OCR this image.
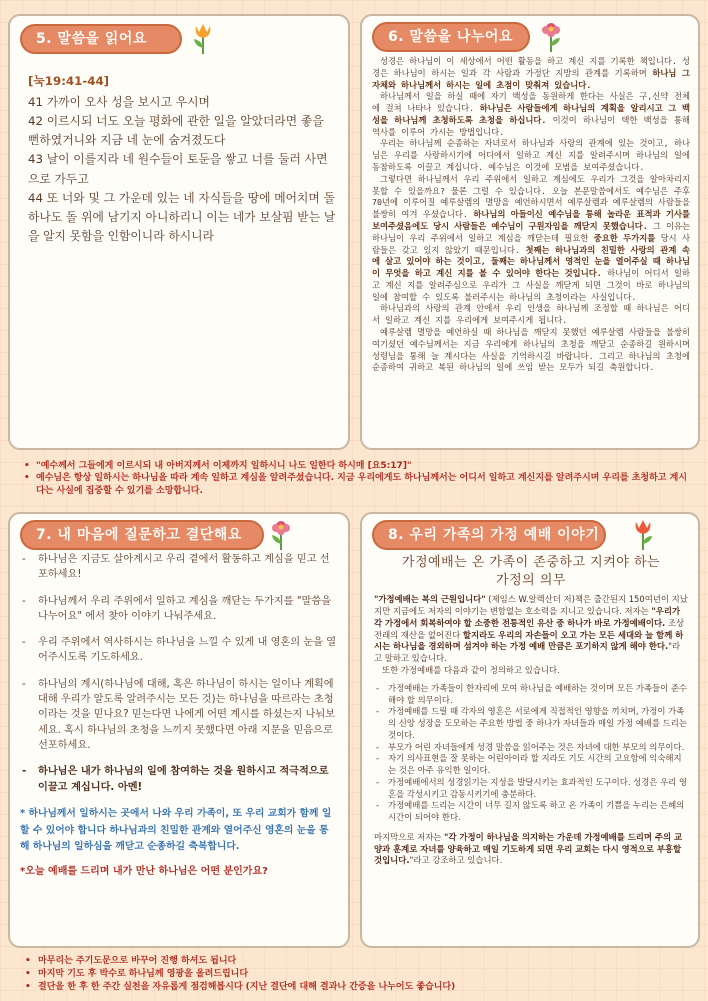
5. 말씀을 읽어요
[눅19:41-44]
41 가까이 오사 성을 보시고 우시며
42 이르시되 너도 오늘 평화에 관한 일을 알았더라면 좋을 뻔하였거니와 지금 네 눈에 숨겨졌도다
43 날이 이를지라 네 원수들이 토둔을 쌓고 너를 둘러 사면으로 가두고
44 또 너와 및 그 가운데 있는 네 자식들을 땅에 메어치며 돌 하나도 돌 위에 남기지 아니하리니 이는 네가 보살핌 받는 날을 알지 못함을 인함이니라 하시니라
6. 말씀을 나누어요

성경은 하나님이 이 세상에서 어떤 활동을 하고 계신 지를 기록한 책입니다. 성경은 하나님이 하시는 일과 각 사람과 가정단 지방의 관계를 기록하며 하나님 그 자체와 하나님께서 하시는 일에 초점이 맞춰져 있습니다.

하나님께서 일을 하실 때에 자기 백성을 동원하게 한다는 사실은 구,신약 전체에 걸쳐 나타나 있습니다. 하나님은 사람들에게 하나님의 계획을 알리시고 그 백성을 하나님께 초청하도록 초청을 하십니다. 이것이 하나님이 택한 백성을 통해 역사를 이루어 가시는 방법입니다.

우리는 하나님께 순종하는 자녀로서 하나님과 사랑의 관계에 있는 것이고, 하나님은 우리를 사랑하시기에 어디에서 일하고 계신 지를 알려주시며 하나님의 일에 동참하도록 이끌고 계십니다. 예수님은 이것에 모범을 보여주셨습니다.

그렇다면 하나님께서 우리 주위에서 일하고 계심에도 우리가 그것을 알아차리지 못할 수 있을까요? 물론 그럴 수 있습니다. 오늘 본문말씀에서도 예수님은 주후 70년에 이루어질 예루살렘의 멸망을 예언하시면서 예루살렘과 예루살렘의 사람들을 불쌍히 여겨 우셨습니다. 하나님의 아들이신 예수님을 통해 놀라운 표적과 기사를 보여주셨음에도 당시 사람들은 예수님이 구원자임을 깨닫지 못했습니다. 그 이유는 하나님이 우리 주위에서 일하고 계심을 깨닫는데 필요한 중요한 두가지를 당시 사람들은 갖고 있지 않았기 때문입니다. 첫째는 하나님과의 친밀한 사랑의 관계 속에 살고 있어야 하는 것이고, 둘째는 하나님께서 영적인 눈을 열어주실 때 하나님이 무엇을 하고 계신 지를 볼 수 있어야 한다는 것입니다. 하나님이 어디서 일하고 계신 지를 알려주심으로 우리가 그 사실을 깨닫게 되면 그것이 바로 하나님의 일에 참여할 수 있도록 불러주시는 하나님의 초청이라는 사실입니다.

하나님과의 사랑의 관계 안에서 우리 인생을 하나님께 조정할 때 하나님은 어디서 일하고 계신 지를 우리에게 보여주시게 됩니다.

예루살렘 멸망을 예언하실 때 하나님을 깨닫지 못했던 예루살렘 사람들을 불쌍히 여기셨던 예수님께서는 지금 우리에게 하나님의 초청을 깨닫고 순종하길 원하시며 성령님을 통해 늘 계시다는 사실을 기억하시길 바랍니다. 그리고 하나님의 초청에 순종하여 귀하고 복된 하나님의 일에 쓰임 받는 모두가 되길 축원합니다.

• "예수께서 그들에게 이르시되 내 아버지께서 이제까지 일하시니 나도 일한다 하시매 [요5:17]"
• 예수님은 항상 일하시는 하나님을 따라 계속 일하고 계심을 알려주셨습니다. 지금 우리에게도 하나님께서는 어디서 일하고 계신지를 알려주시며 우리를 초청하고 계시다는 사실에 집중할 수 있기를 소망합니다.
7. 내 마음에 질문하고 결단해요
- 하나님은 지금도 살아계시고 우리 곁에서 활동하고 계심을 믿고 선포하세요!
- 하나님께서 우리 주위에서 일하고 계심을 깨닫는 두가지를 "말씀을 나누어요" 에서 찾아 이야기 나눠주세요.
- 우리 주위에서 역사하시는 하나님을 느낄 수 있게 내 영혼의 눈을 열어주시도록 기도하세요.
- 하나님의 계시(하나님에 대해, 혹은 하나님이 하시는 일이나 계획에 대해 우리가 알도록 알려주시는 모든 것)는 하나님을 따르라는 초청이라는 것을 믿나요? 믿는다면 나에게 어떤 계시를 하셨는지 나눠보세요. 혹시 하나님의 초청을 느끼지 못했다면 아래 지문을 믿음으로 선포하세요.
- 하나님은 내가 하나님의 일에 참여하는 것을 원하시고 적극적으로 이끌고 계십니다. 아멘!
* 하나님께서 일하시는 곳에서 나와 우리 가족이, 또 우리 교회가 함께 일할 수 있어야 합니다 하나님과의 친밀한 관계와 열어주신 영혼의 눈을 통해 하나님의 일하심을 깨닫고 순종하길 축복합니다.
*오늘 예배를 드리며 내가 만난 하나님은 어떤 분인가요?
8. 우리 가족의 가정 예배 이야기
가정예배는 온 가족이 존중하고 지켜야 하는
가정의 의무
"가정예배는 복의 근원입니다" (제임스 W.알렉산더 저)책은 출간된지 150여년이 지났지만 지금에도 저자의 이야기는 변함없는 호소력을 지니고 있습니다. 저자는 "우리가 각 가정에서 회복하여야 할 소중한 전통적인 유산 중 하나가 바로 가정예배이다. 조상 전래의 재산을 없어진다 할지라도 우리의 자손들이 오고 가는 모든 세대와 늘 함께 하시는 하나님을 경외하며 섬겨야 하는 가정 예배 만큼은 포기하지 않게 해야 한다."라고 말하고 있습니다.
또한 가정예배를 다음과 같이 정의하고 있습니다.
- 가정예배는 가족들이 한자리에 모여 하나님을 예배하는 것이며 모든 가족들이 준수해야 할 의무이다.
- 가정예배를 드릴 때 각자의 영혼은 서로에게 직접적인 영향을 끼치며, 가정이 가족의 신앙 성장을 도모하는 주요한 방법 중 하나가 자녀들과 매일 가정 예배를 드리는 것이다.
- 부모가 어린 자녀들에게 성경 말씀을 읽어주는 것은 자녀에 대한 부모의 의무이다.
- 자기 의사표현을 잘 못하는 어린아이라 할 지라도 기도 시간의 고요함에 익숙해지는 것은 아주 유익한 일이다.
- 가정예배에서의 성경읽기는 지성을 발달시키는 효과적인 도구이다. 성경은 우리 영혼을 각성시키고 감동시키기에 충분하다.
- 가정예배를 드리는 시간이 너무 길지 않도록 하고 온 가족이 기쁨을 누리는 은혜의 시간이 되어야 한다.
마지막으로 저자는 "각 가정이 하나님을 의지하는 가운데 가정예배를 드리며 주의 교양과 훈계로 자녀를 양육하고 매일 기도하게 되면 우리 교회는 다시 영적으로 부흥할 것입니다."라고 강조하고 있습니다.
• 마무리는 주기도문으로 바꾸어 진행 하셔도 됩니다
• 마지막 기도 후 박수로 하나님께 영광을 올려드립니다
• 결단을 한 후 한 주간 실천을 자유롭게 점검해봅시다 (지난 결단에 대해 결과나 간증을 나누어도 좋습니다)
